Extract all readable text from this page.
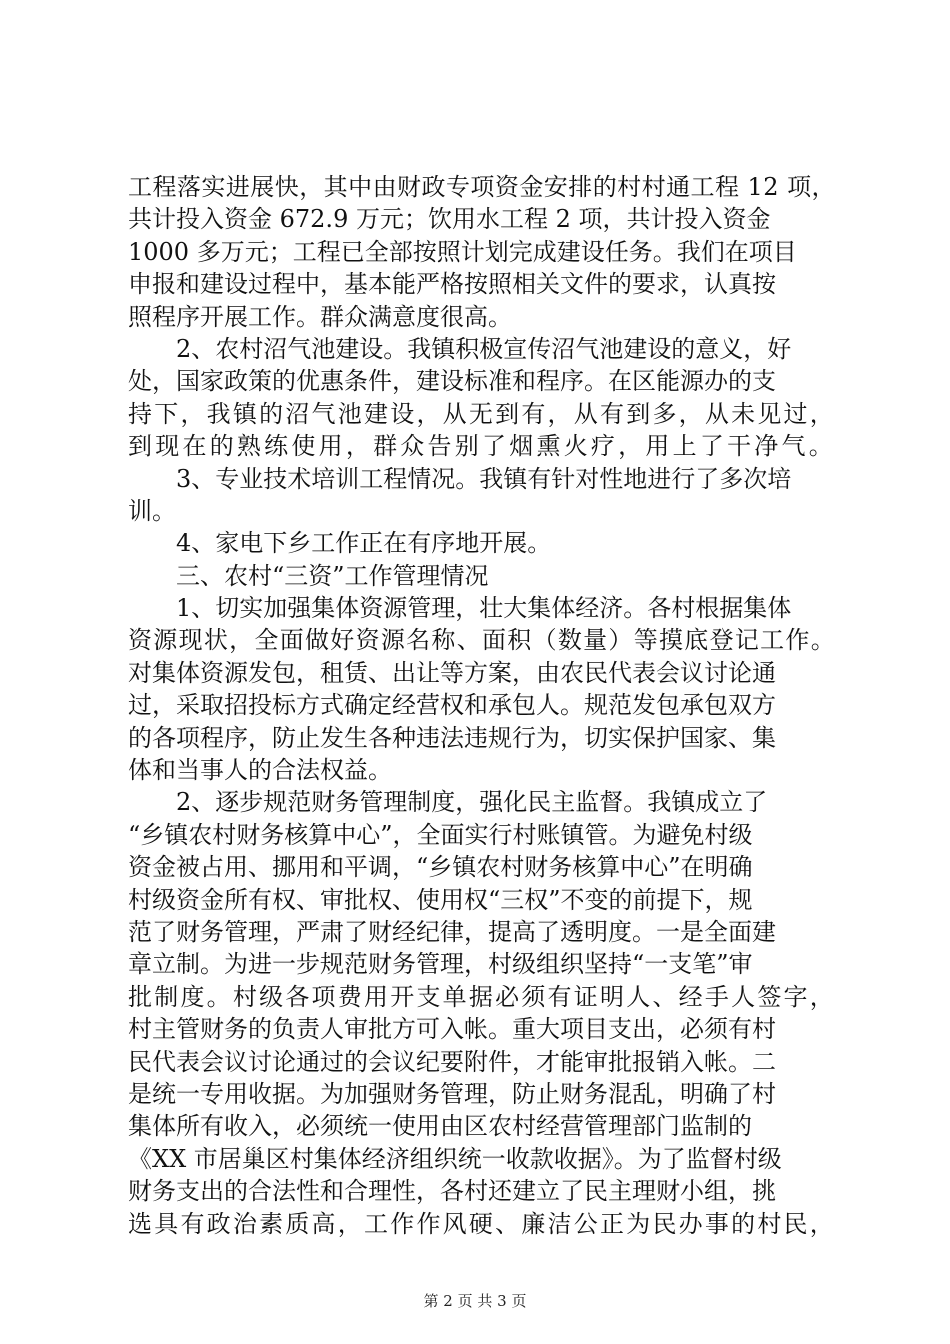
工程落实进展快，其中由财政专项资金安排的村村通工程 12 项，
共计投入资金 672.9 万元；饮用水工程 2 项，共计投入资金
1000 多万元；工程已全部按照计划完成建设任务。我们在项目
申报和建设过程中，基本能严格按照相关文件的要求，认真按
照程序开展工作。群众满意度很高。
　　2、农村沼气池建设。我镇积极宣传沼气池建设的意义，好
处，国家政策的优惠条件，建设标准和程序。在区能源办的支
持下，我镇的沼气池建设，从无到有，从有到多，从未见过，
到现在的熟练使用，群众告别了烟熏火疗，用上了干净气。
　　3、专业技术培训工程情况。我镇有针对性地进行了多次培
训。
　　4、家电下乡工作正在有序地开展。
　　三、农村“三资”工作管理情况
　　1、切实加强集体资源管理，壮大集体经济。各村根据集体
资源现状，全面做好资源名称、面积（数量）等摸底登记工作。
对集体资源发包，租赁、出让等方案，由农民代表会议讨论通
过，采取招投标方式确定经营权和承包人。规范发包承包双方
的各项程序，防止发生各种违法违规行为，切实保护国家、集
体和当事人的合法权益。
　　2、逐步规范财务管理制度，强化民主监督。我镇成立了
“乡镇农村财务核算中心”，全面实行村账镇管。为避免村级
资金被占用、挪用和平调，“乡镇农村财务核算中心”在明确
村级资金所有权、审批权、使用权“三权”不变的前提下，规
范了财务管理，严肃了财经纪律，提高了透明度。一是全面建
章立制。为进一步规范财务管理，村级组织坚持“一支笔”审
批制度。村级各项费用开支单据必须有证明人、经手人签字，
村主管财务的负责人审批方可入帐。重大项目支出，必须有村
民代表会议讨论通过的会议纪要附件，才能审批报销入帐。二
是统一专用收据。为加强财务管理，防止财务混乱，明确了村
集体所有收入，必须统一使用由区农村经营管理部门监制的
《XX 市居巢区村集体经济组织统一收款收据》。为了监督村级
财务支出的合法性和合理性，各村还建立了民主理财小组，挑
选具有政治素质高，工作作风硬、廉洁公正为民办事的村民，
第 2 页 共 3 页
